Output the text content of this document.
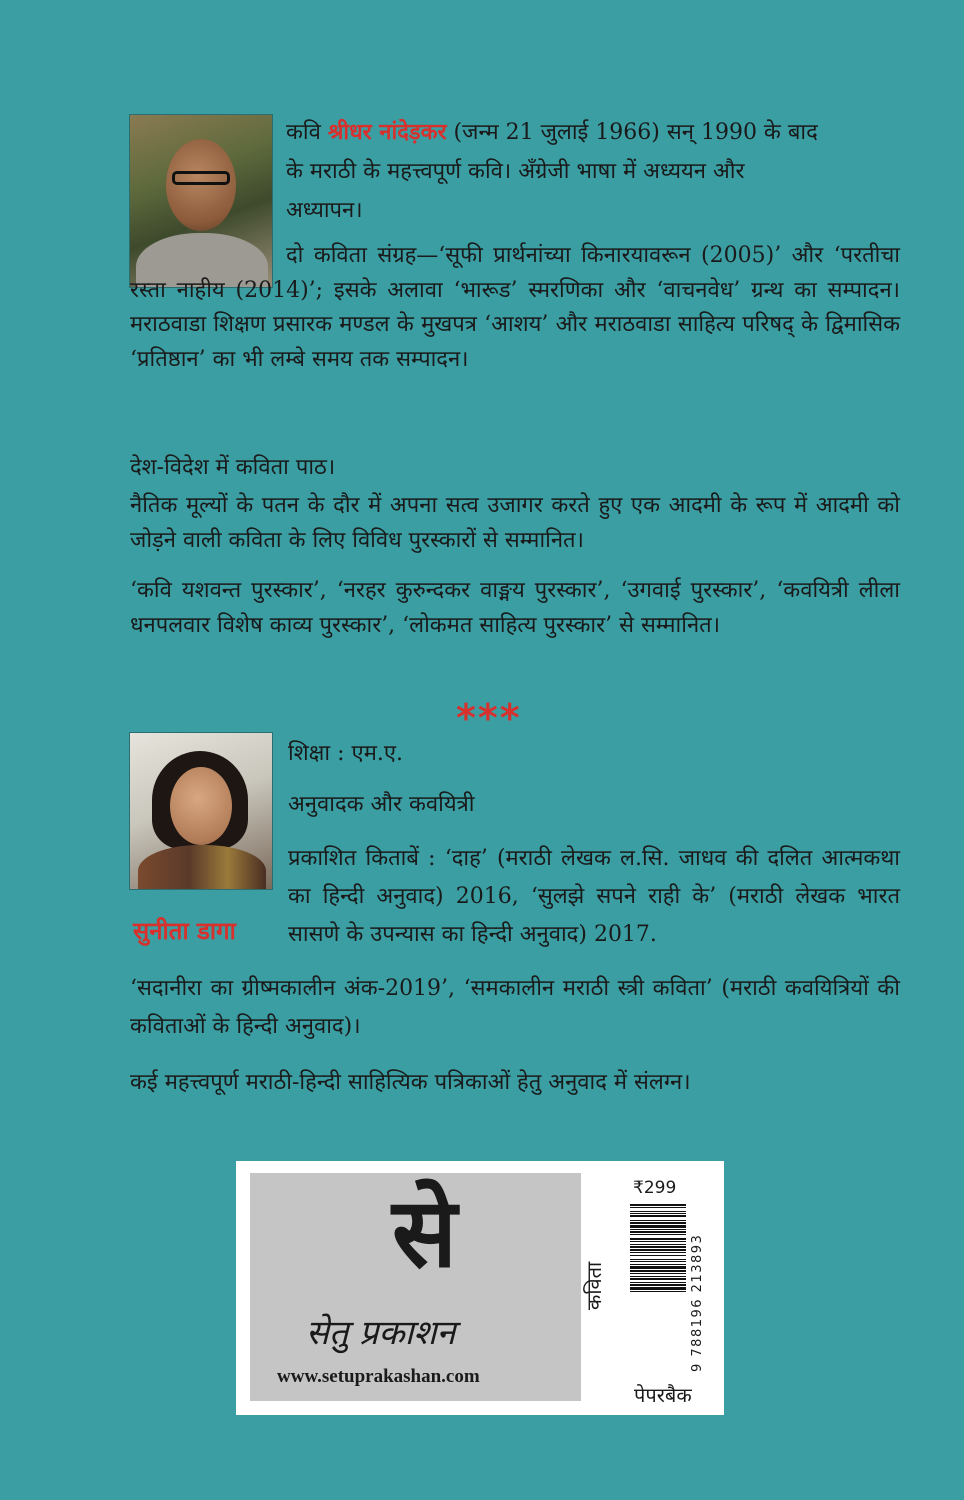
कवि श्रीधर नांदेड़कर (जन्म 21 जुलाई 1966) सन् 1990 के बाद
के मराठी के महत्त्वपूर्ण कवि। अँग्रेजी भाषा में अध्ययन और
अध्यापन।
दो कविता संग्रह—‘सूफी प्रार्थनांच्या किनारयावरून (2005)’ और ‘परतीचा रस्ता नाहीय (2014)’; इसके अलावा ‘भारूड’ स्मरणिका और ‘वाचनवेध’ ग्रन्थ का सम्पादन। मराठवाडा शिक्षण प्रसारक मण्डल के मुखपत्र ‘आशय’ और मराठवाडा साहित्य परिषद् के द्विमासिक ‘प्रतिष्ठान’ का भी लम्बे समय तक सम्पादन।
देश-विदेश में कविता पाठ।
नैतिक मूल्यों के पतन के दौर में अपना सत्व उजागर करते हुए एक आदमी के रूप में आदमी को जोड़ने वाली कविता के लिए विविध पुरस्कारों से सम्मानित।
‘कवि यशवन्त पुरस्कार’, ‘नरहर कुरुन्दकर वाङ्मय पुरस्कार’, ‘उगवाई पुरस्कार’, ‘कवयित्री लीला धनपलवार विशेष काव्य पुरस्कार’, ‘लोकमत साहित्य पुरस्कार’ से सम्मानित।
***
सुनीता डागा
शिक्षा : एम.ए.
अनुवादक और कवयित्री
प्रकाशित किताबें : ‘दाह’ (मराठी लेखक ल.सि. जाधव की दलित आत्मकथा का हिन्दी अनुवाद) 2016, ‘सुलझे सपने राही के’ (मराठी लेखक भारत सासणे के उपन्यास का हिन्दी अनुवाद) 2017.
‘सदानीरा का ग्रीष्मकालीन अंक-2019’, ‘समकालीन मराठी स्त्री कविता’ (मराठी कवयित्रियों की कविताओं के हिन्दी अनुवाद)।
कई महत्त्वपूर्ण मराठी-हिन्दी साहित्यिक पत्रिकाओं हेतु अनुवाद में संलग्न।
से
सेतु प्रकाशन
www.setuprakashan.com
कविता
₹299
9 788196 213893
पेपरबैक
